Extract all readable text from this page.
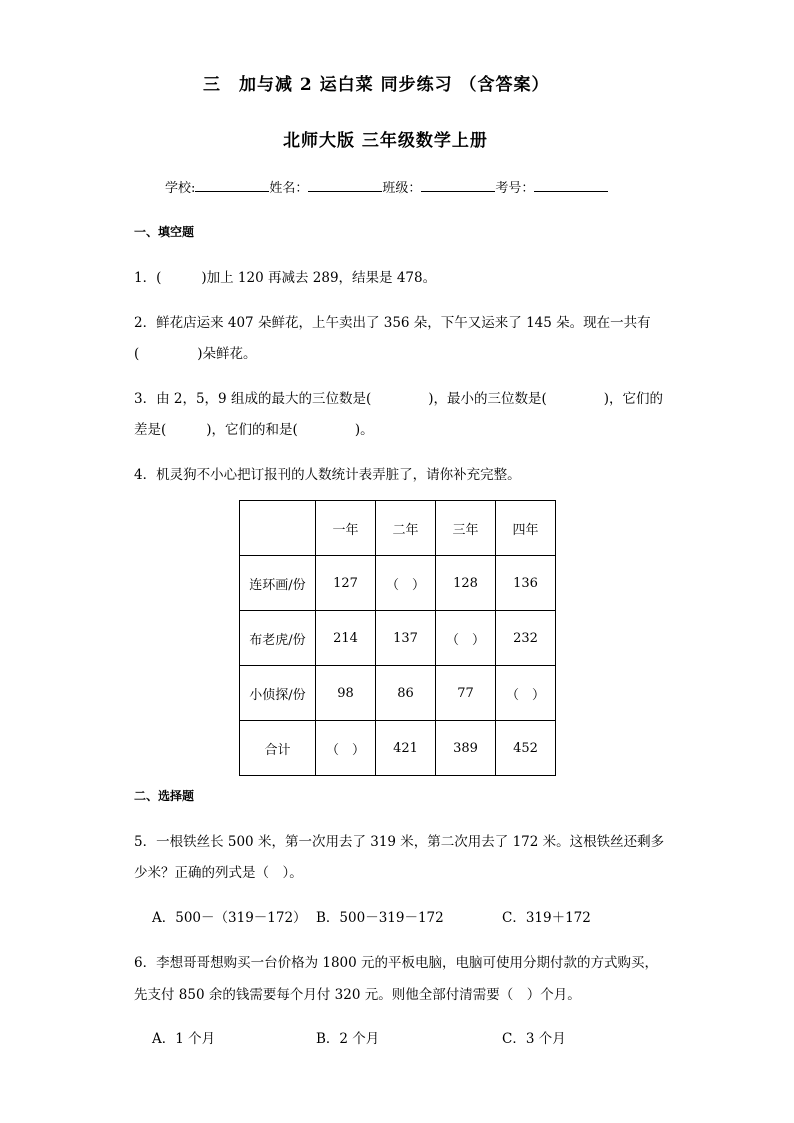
三　加与减 2 运白菜 同步练习 （含答案）
北师大版 三年级数学上册
学校:	姓名：	班级：	考号：
一、填空题
1．(	)加上 120 再减去 289，结果是 478。
2．鲜花店运来 407 朵鲜花，上午卖出了 356 朵，下午又运来了 145 朵。现在一共有
(	)朵鲜花。
3．由 2，5，9 组成的最大的三位数是(	)，最小的三位数是(	)，它们的
差是(	)，它们的和是(	)。
4．机灵狗不小心把订报刊的人数统计表弄脏了，请你补充完整。
	一年	二年	三年	四年
连环画/份	127	（　）	128	136
布老虎/份	214	137	（　）	232
小侦探/份	98	86	77	（　）
合计	（　）	421	389	452
二、选择题
5．一根铁丝长 500 米，第一次用去了 319 米，第二次用去了 172 米。这根铁丝还剩多
少米？正确的列式是（　）。
A．500－（319－172） B．500－319－172	C．319＋172
6．李想哥哥想购买一台价格为 1800 元的平板电脑，电脑可使用分期付款的方式购买，
先支付 850 余的钱需要每个月付 320 元。则他全部付清需要（　）个月。
A．1 个月	B．2 个月	C．3 个月
